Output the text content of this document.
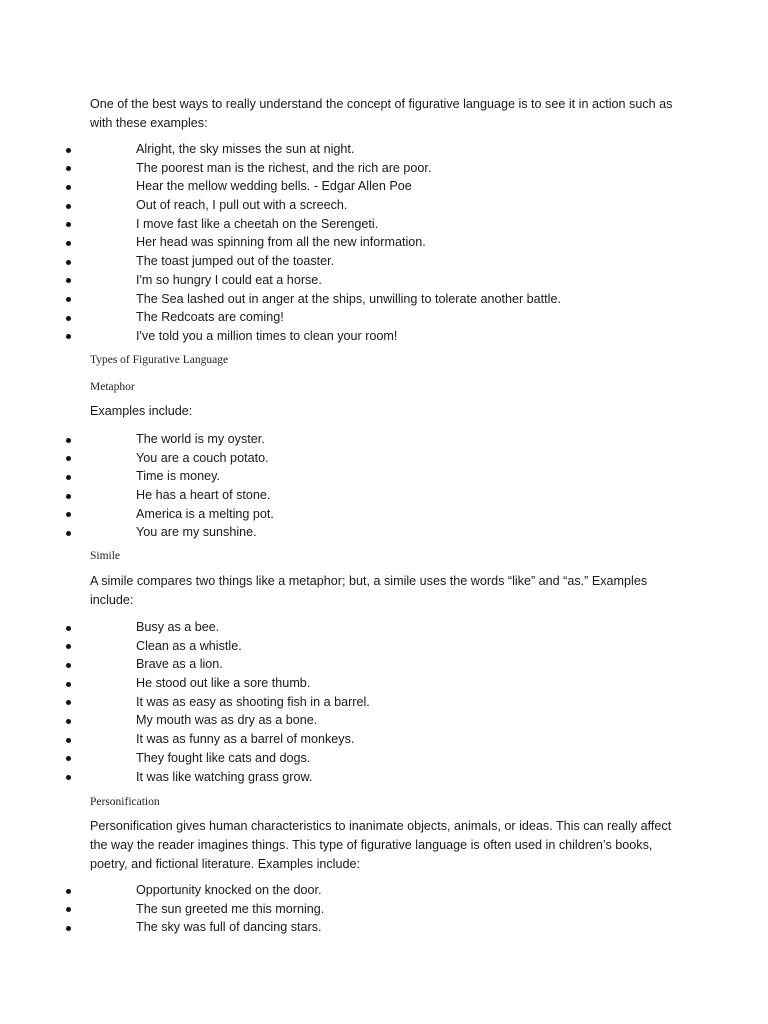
One of the best ways to really understand the concept of figurative language is to see it in action such as with these examples:

Alright, the sky misses the sun at night.
The poorest man is the richest, and the rich are poor.
Hear the mellow wedding bells. - Edgar Allen Poe
Out of reach, I pull out with a screech.
I move fast like a cheetah on the Serengeti.
Her head was spinning from all the new information.
The toast jumped out of the toaster.
I'm so hungry I could eat a horse.
The Sea lashed out in anger at the ships, unwilling to tolerate another battle.
The Redcoats are coming!
I've told you a million times to clean your room!

Types of Figurative Language

Metaphor

Examples include:

The world is my oyster.
You are a couch potato.
Time is money.
He has a heart of stone.
America is a melting pot.
You are my sunshine.

Simile

A simile compares two things like a metaphor; but, a simile uses the words “like” and “as.” Examples include:

Busy as a bee.
Clean as a whistle.
Brave as a lion.
He stood out like a sore thumb.
It was as easy as shooting fish in a barrel.
My mouth was as dry as a bone.
It was as funny as a barrel of monkeys.
They fought like cats and dogs.
It was like watching grass grow.

Personification

Personification gives human characteristics to inanimate objects, animals, or ideas. This can really affect the way the reader imagines things. This type of figurative language is often used in children’s books, poetry, and fictional literature. Examples include:

Opportunity knocked on the door.
The sun greeted me this morning.
The sky was full of dancing stars.
